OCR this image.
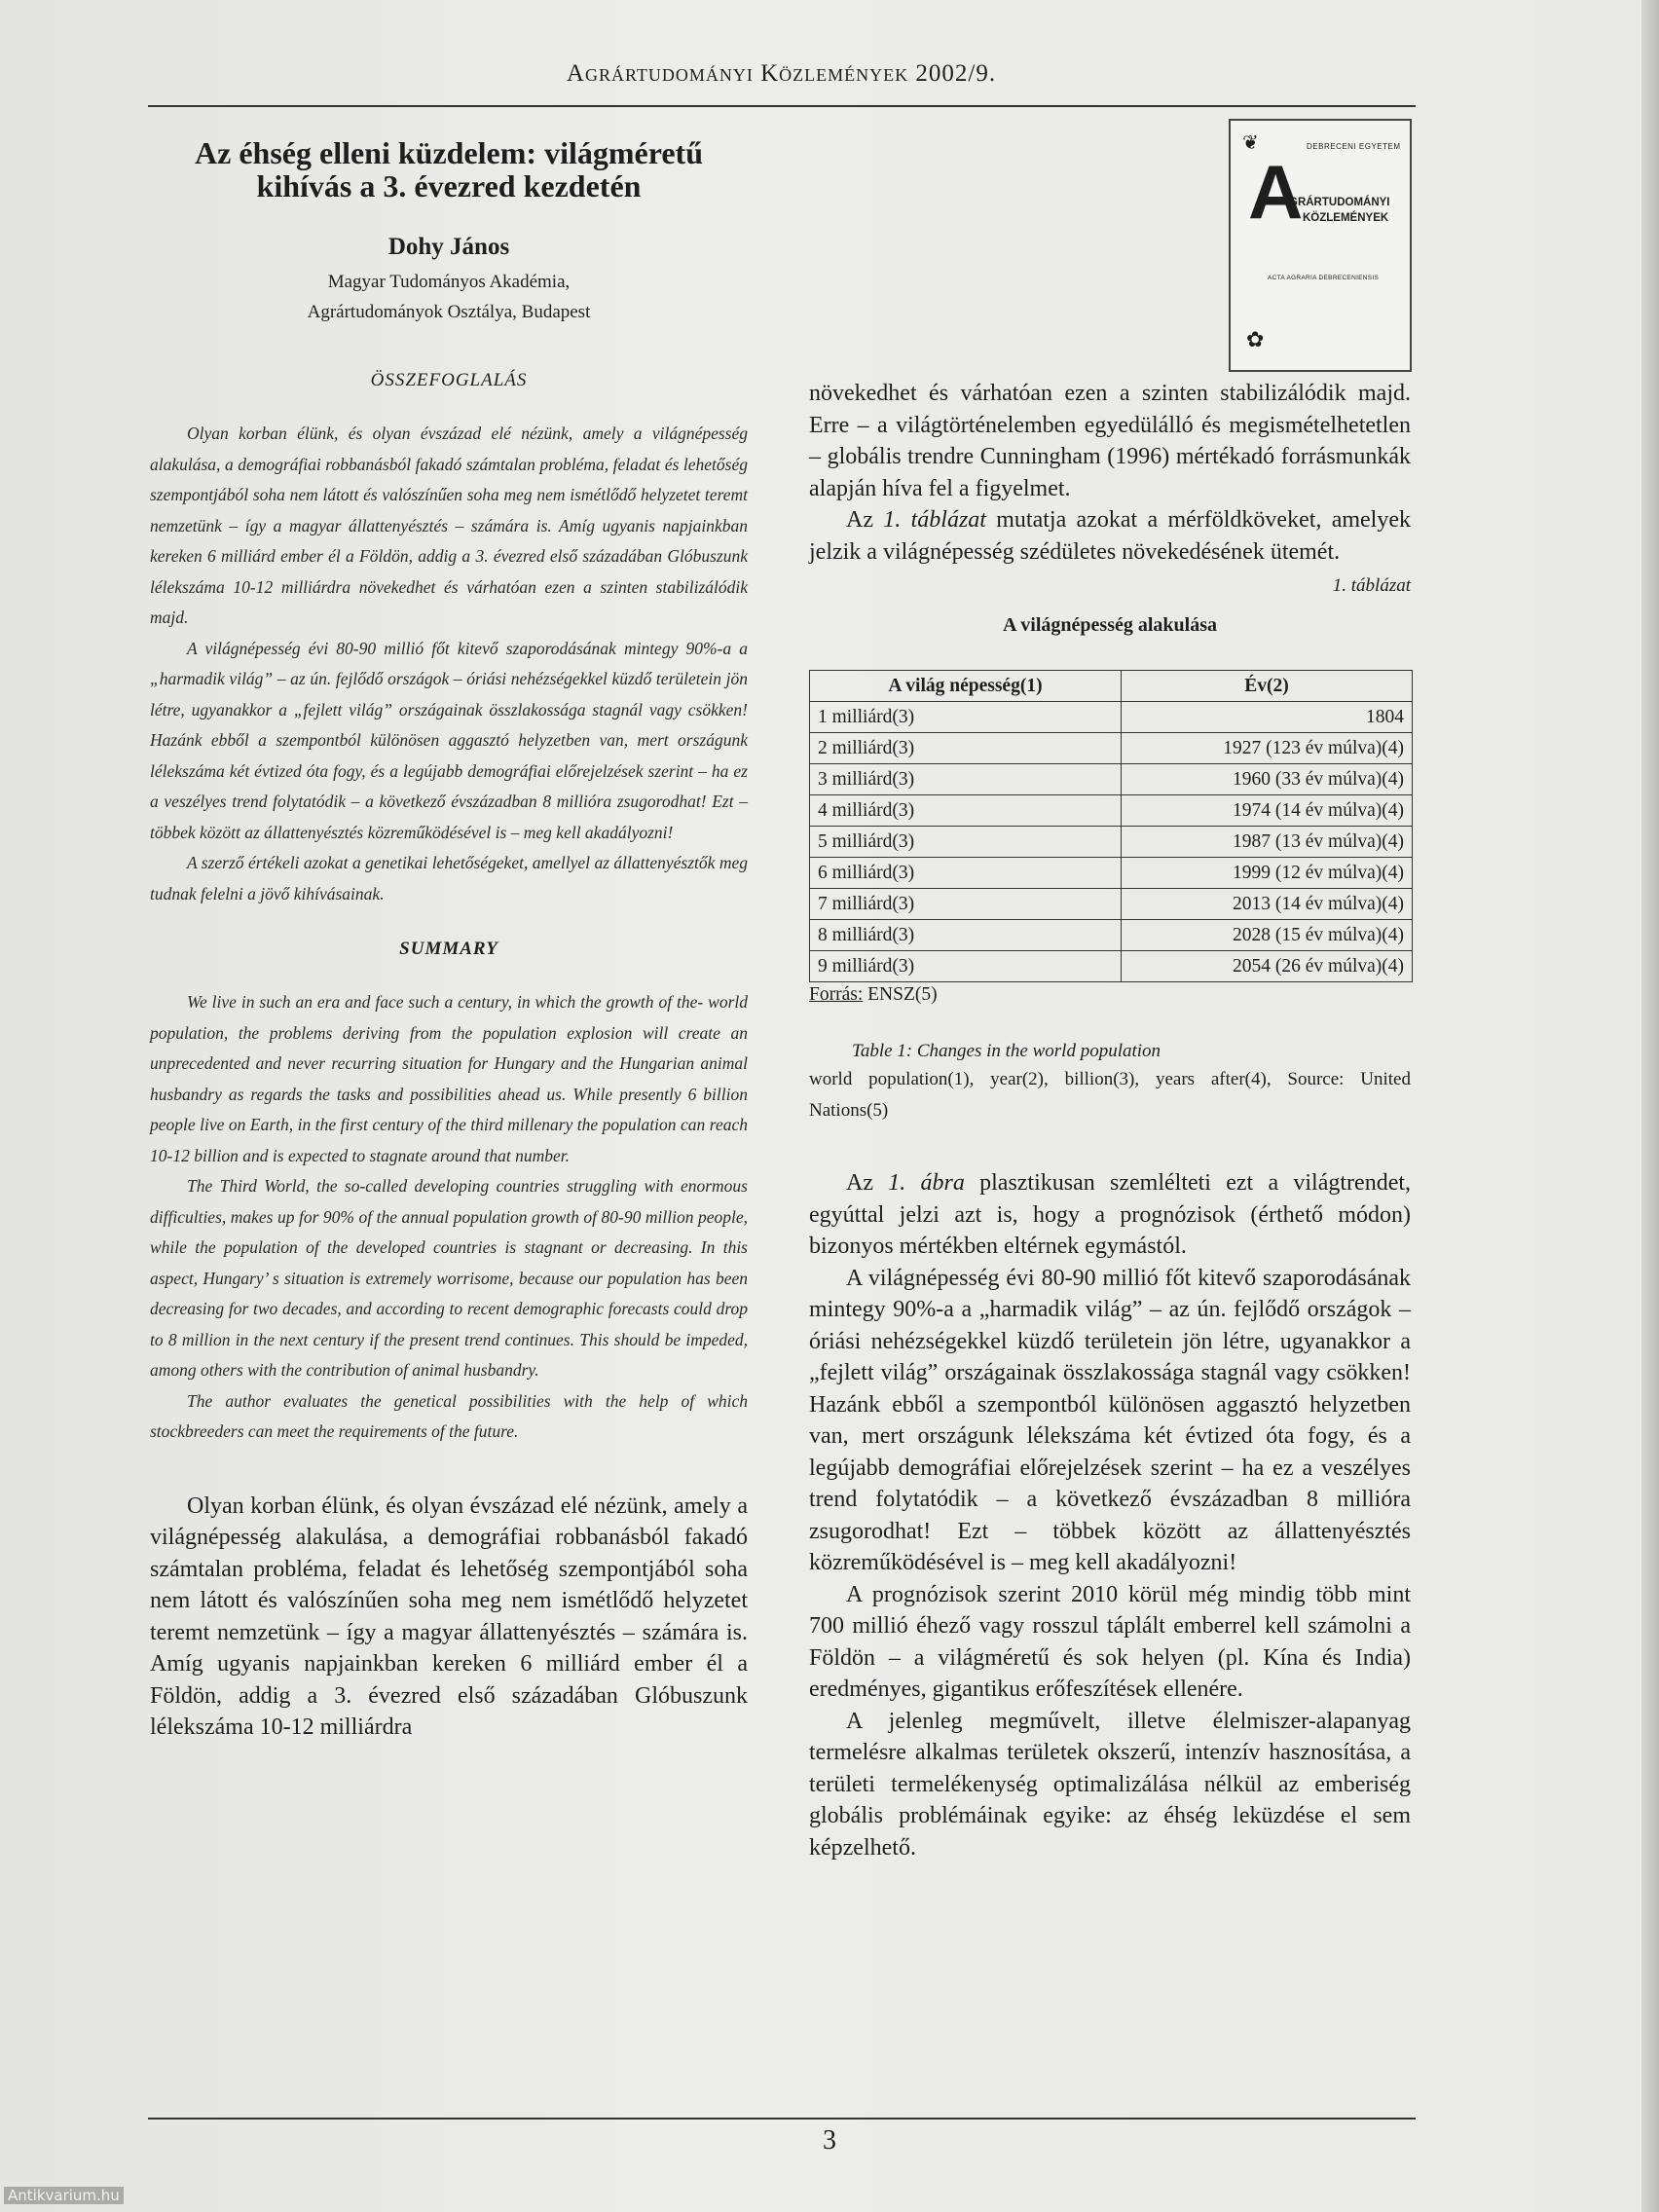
Agrártudományi Közlemények 2002/9.
Az éhség elleni küzdelem: világméretű kihívás a 3. évezred kezdetén
Dohy János
Magyar Tudományos Akadémia,
Agrártudományok Osztálya, Budapest
ÖSSZEFOGLALÁS

Olyan korban élünk, és olyan évszázad elé nézünk, amely a világnépesség alakulása, a demográfiai robbanásból fakadó számtalan probléma, feladat és lehetőség szempontjából soha nem látott és valószínűen soha meg nem ismétlődő helyzetet teremt nemzetünk – így a magyar állattenyésztés – számára is. Amíg ugyanis napjainkban kereken 6 milliárd ember él a Földön, addig a 3. évezred első századában Glóbuszunk lélekszáma 10-12 milliárdra növekedhet és várhatóan ezen a szinten stabilizálódik majd.

A világnépesség évi 80-90 millió főt kitevő szaporodásának mintegy 90%-a a „harmadik világ” – az ún. fejlődő országok – óriási nehézségekkel küzdő területein jön létre, ugyanakkor a „fejlett világ” országainak összlakossága stagnál vagy csökken! Hazánk ebből a szempontból különösen aggasztó helyzetben van, mert országunk lélekszáma két évtized óta fogy, és a legújabb demográfiai előrejelzések szerint – ha ez a veszélyes trend folytatódik – a következő évszázadban 8 millióra zsugorodhat! Ezt – többek között az állattenyésztés közreműködésével is – meg kell akadályozni!

A szerző értékeli azokat a genetikai lehetőségeket, amellyel az állattenyésztők meg tudnak felelni a jövő kihívásainak.

SUMMARY

We live in such an era and face such a century, in which the growth of the- world population, the problems deriving from the population explosion will create an unprecedented and never recurring situation for Hungary and the Hungarian animal husbandry as regards the tasks and possibilities ahead us. While presently 6 billion people live on Earth, in the first century of the third millenary the population can reach 10-12 billion and is expected to stagnate around that number.

The Third World, the so-called developing countries struggling with enormous difficulties, makes up for 90% of the annual population growth of 80-90 million people, while the population of the developed countries is stagnant or decreasing. In this aspect, Hungary’ s situation is extremely worrisome, because our population has been decreasing for two decades, and according to recent demographic forecasts could drop to 8 million in the next century if the present trend continues. This should be impeded, among others with the contribution of animal husbandry.

The author evaluates the genetical possibilities with the help of which stockbreeders can meet the requirements of the future.

Olyan korban élünk, és olyan évszázad elé nézünk, amely a világnépesség alakulása, a demográfiai robbanásból fakadó számtalan probléma, feladat és lehetőség szempontjából soha nem látott és valószínűen soha meg nem ismétlődő helyzetet teremt nemzetünk – így a magyar állattenyésztés – számára is. Amíg ugyanis napjainkban kereken 6 milliárd ember él a Földön, addig a 3. évezred első századában Glóbuszunk lélekszáma 10-12 milliárdra

❦	DEBRECENI EGYETEM
A
GRÁRTUDOMÁNYI
KÖZLEMÉNYEK
ACTA AGRARIA DEBRECENIENSIS
✿

növekedhet és várhatóan ezen a szinten stabilizálódik majd. Erre – a világtörténelemben egyedülálló és megismételhetetlen – globális trendre Cunningham (1996) mértékadó forrásmunkák alapján híva fel a figyelmet.

Az 1. táblázat mutatja azokat a mérföldköveket, amelyek jelzik a világnépesség szédületes növekedésének ütemét.

1. táblázat
A világnépesség alakulása
A világ népesség(1)	Év(2)
1 milliárd(3)	1804
2 milliárd(3)	1927 (123 év múlva)(4)
3 milliárd(3)	1960 (33 év múlva)(4)
4 milliárd(3)	1974 (14 év múlva)(4)
5 milliárd(3)	1987 (13 év múlva)(4)
6 milliárd(3)	1999 (12 év múlva)(4)
7 milliárd(3)	2013 (14 év múlva)(4)
8 milliárd(3)	2028 (15 év múlva)(4)
9 milliárd(3)	2054 (26 év múlva)(4)
Forrás: ENSZ(5)
Table 1: Changes in the world population
world population(1), year(2), billion(3), years after(4), Source: United Nations(5)

Az 1. ábra plasztikusan szemlélteti ezt a világtrendet, egyúttal jelzi azt is, hogy a prognózisok (érthető módon) bizonyos mértékben eltérnek egymástól.

A világnépesség évi 80-90 millió főt kitevő szaporodásának mintegy 90%-a a „harmadik világ” – az ún. fejlődő országok – óriási nehézségekkel küzdő területein jön létre, ugyanakkor a „fejlett világ” országainak összlakossága stagnál vagy csökken! Hazánk ebből a szempontból különösen aggasztó helyzetben van, mert országunk lélekszáma két évtized óta fogy, és a legújabb demográfiai előrejelzések szerint – ha ez a veszélyes trend folytatódik – a következő évszázadban 8 millióra zsugorodhat! Ezt – többek között az állattenyésztés közreműködésével is – meg kell akadályozni!

A prognózisok szerint 2010 körül még mindig több mint 700 millió éhező vagy rosszul táplált emberrel kell számolni a Földön – a világméretű és sok helyen (pl. Kína és India) eredményes, gigantikus erőfeszítések ellenére.

A jelenleg megművelt, illetve élelmiszer-alapanyag termelésre alkalmas területek okszerű, intenzív hasznosítása, a területi termelékenység optimalizálása nélkül az emberiség globális problémáinak egyike: az éhség leküzdése el sem képzelhető.

3
Antikvarium.hu
